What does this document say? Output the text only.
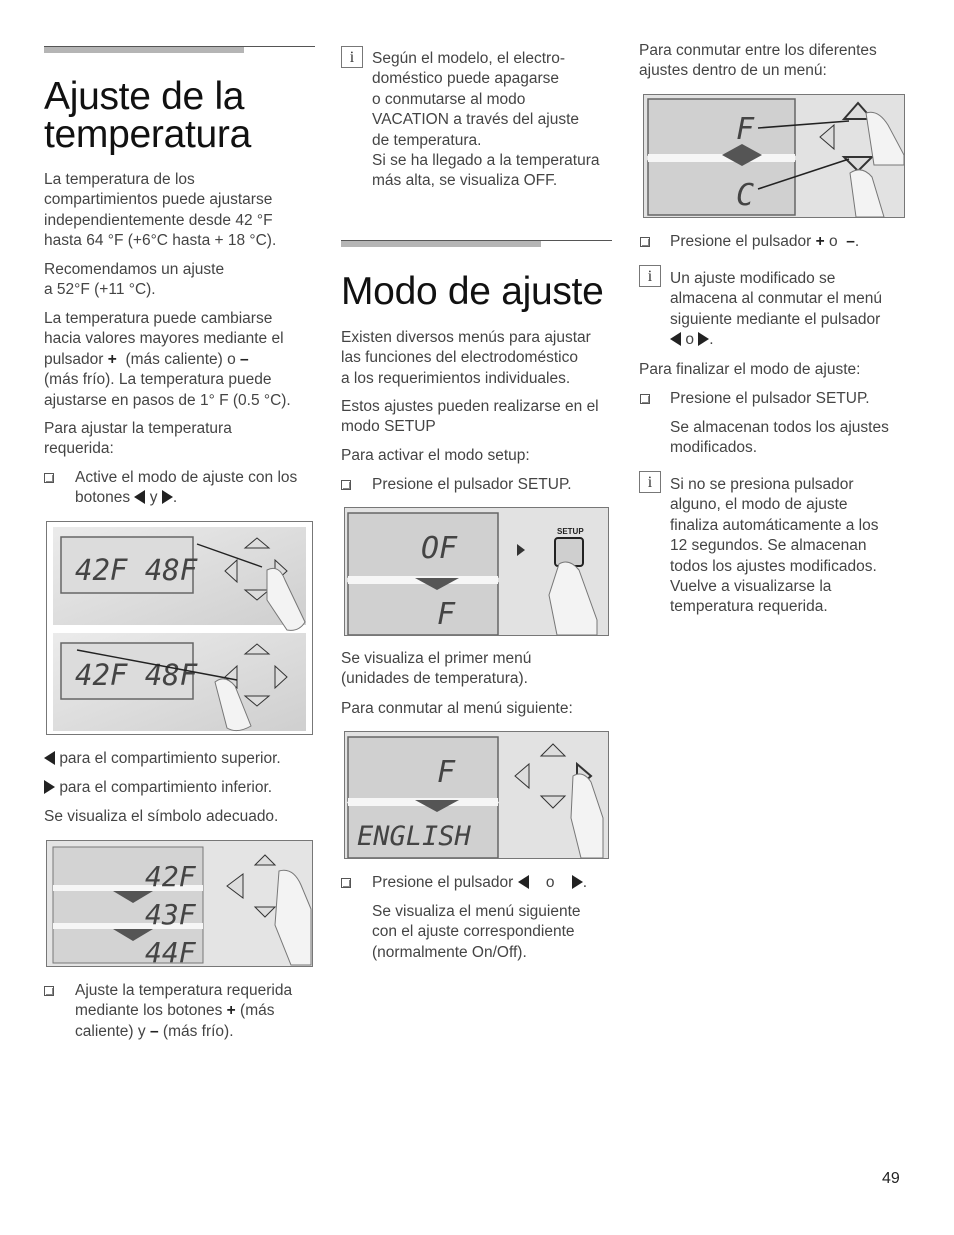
Ajuste de la
temperatura
La temperatura de los
compartimientos puede ajustarse
independientemente desde 42 °F
hasta 64 °F (+6°C hasta + 18 °C).
Recomendamos un ajuste
a 52°F (+11 °C).
La temperatura puede cambiarse
hacia valores mayores mediante el
pulsador + (más caliente) o –
(más frío). La temperatura puede
ajustarse en pasos de 1° F (0.5 °C).
Para ajustar la temperatura
requerida:
Active el modo de ajuste con los
botones y .
42F 48F
42F 48F
para el compartimiento superior.
para el compartimiento inferior.
Se visualiza el símbolo adecuado.
42F
43F
44F
Ajuste la temperatura requerida
mediante los botones + (más
caliente) y – (más frío).
i	Según el modelo, el electro-
doméstico puede apagarse
o conmutarse al modo
VACATION a través del ajuste
de temperatura.
Si se ha llegado a la temperatura
más alta, se visualiza OFF.
Modo de ajuste
Existen diversos menús para ajustar
las funciones del electrodoméstico
a los requerimientos individuales.
Estos ajustes pueden realizarse en el
modo SETUP
Para activar el modo setup:
Presione el pulsador SETUP.
OF
F
SETUP
Se visualiza el primer menú
(unidades de temperatura).
Para conmutar al menú siguiente:
F
ENGLISH
Presione el pulsador o .
Se visualiza el menú siguiente
con el ajuste correspondiente
(normalmente On/Off).
Para conmutar entre los diferentes
ajustes dentro de un menú:
F
C
Presione el pulsador + o –.
i	Un ajuste modificado se
almacena al conmutar el menú
siguiente mediante el pulsador
o .
Para finalizar el modo de ajuste:
Presione el pulsador SETUP.
Se almacenan todos los ajustes
modificados.
i	Si no se presiona pulsador
alguno, el modo de ajuste
finaliza automáticamente a los
12 segundos. Se almacenan
todos los ajustes modificados.
Vuelve a visualizarse la
temperatura requerida.
49
